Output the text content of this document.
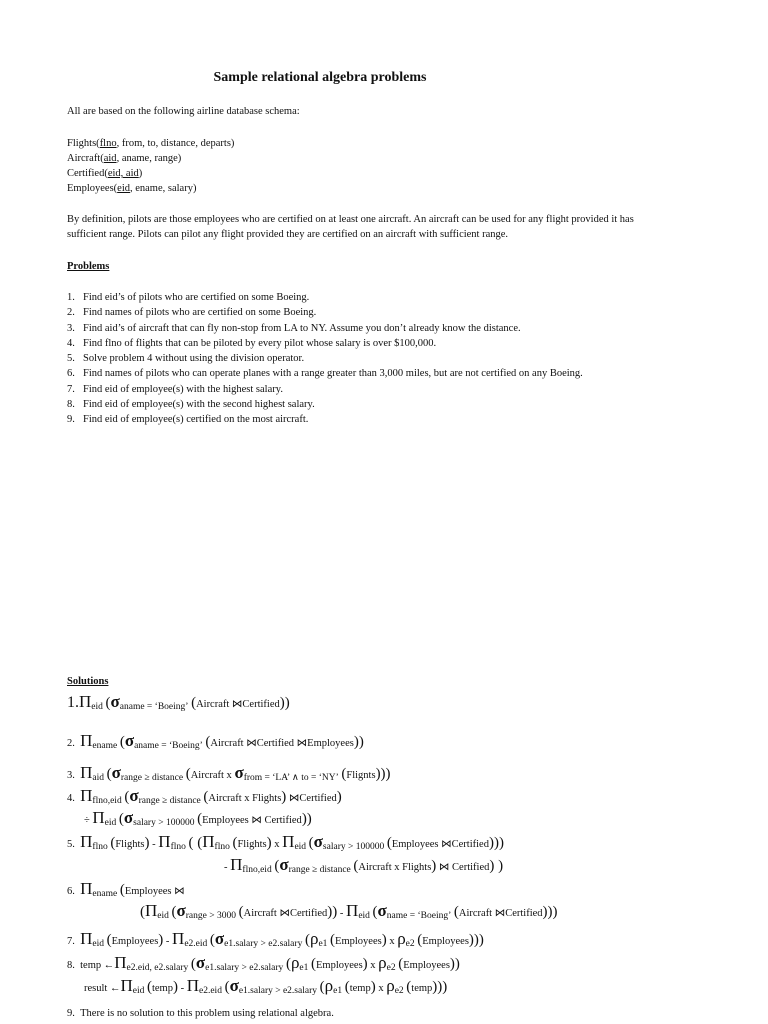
Sample relational algebra problems
All are based on the following airline database schema:
Flights(flno, from, to, distance, departs)
Aircraft(aid, aname, range)
Certified(eid, aid)
Employees(eid, ename, salary)
By definition, pilots are those employees who are certified on at least one aircraft. An aircraft can be used for any flight provided it has sufficient range. Pilots can pilot any flight provided they are certified on an aircraft with sufficient range.
Problems
1. Find eid’s of pilots who are certified on some Boeing.
2. Find names of pilots who are certified on some Boeing.
3. Find aid’s of aircraft that can fly non-stop from LA to NY. Assume you don’t already know the distance.
4. Find flno of flights that can be piloted by every pilot whose salary is over $100,000.
5. Solve problem 4 without using the division operator.
6. Find names of pilots who can operate planes with a range greater than 3,000 miles, but are not certified on any Boeing.
7. Find eid of employee(s) with the highest salary.
8. Find eid of employee(s) with the second highest salary.
9. Find eid of employee(s) certified on the most aircraft.
Solutions
$1.\Pi_{eid}$ ($\sigma_{aname = ‘Boeing’}$ (Aircraft ⋈Certified))
2. $\Pi_{ename}$ ($\sigma_{aname = ‘Boeing’}$ (Aircraft ⋈Certified ⋈Employees))
3. $\Pi_{aid}$ ($\sigma_{range \ge distance}$ (Aircraft x $\sigma_{from = ‘LA’ \wedge to = ‘NY’}$ (Flignts)))
4. $\Pi_{flno,eid}$ ($\sigma_{range \ge distance}$ (Aircraft x Flights) ⋈Certified)
÷ $\Pi_{eid}$ ($\sigma_{salary > 100000}$ (Employees ⋈ Certified))
5. $\Pi_{flno}$ (Flights) - $\Pi_{flno}$ ( ($\Pi_{flno}$ (Flights) x $\Pi_{eid}$ ($\sigma_{salary > 100000}$ (Employees ⋈Certified)))
- $\Pi_{flno,eid}$ ($\sigma_{range \ge distance}$ (Aircraft x Flights) ⋈ Certified) )
6. $\Pi_{ename}$ (Employees ⋈
($\Pi_{eid}$ ($\sigma_{range > 3000}$ (Aircraft ⋈Certified)) - $\Pi_{eid}$ ($\sigma_{name = ‘Boeing’}$ (Aircraft ⋈Certified)))
7. $\Pi_{eid}$ (Employees) - $\Pi_{e2.eid}$ ($\sigma_{e1.salary > e2.salary}$ ($\rho_{e1}$ (Employees) x $\rho_{e2}$ (Employees)))
8. temp $\leftarrow\Pi_{e2.eid, e2.salary}$ ($\sigma_{e1.salary > e2.salary}$ ($\rho_{e1}$ (Employees) x $\rho_{e2}$ (Employees))
result $\leftarrow\Pi_{eid}$ (temp) - $\Pi_{e2.eid}$ ($\sigma_{e1.salary > e2.salary}$ ($\rho_{e1}$ (temp) x $\rho_{e2}$ (temp)))
9. There is no solution to this problem using relational algebra.
